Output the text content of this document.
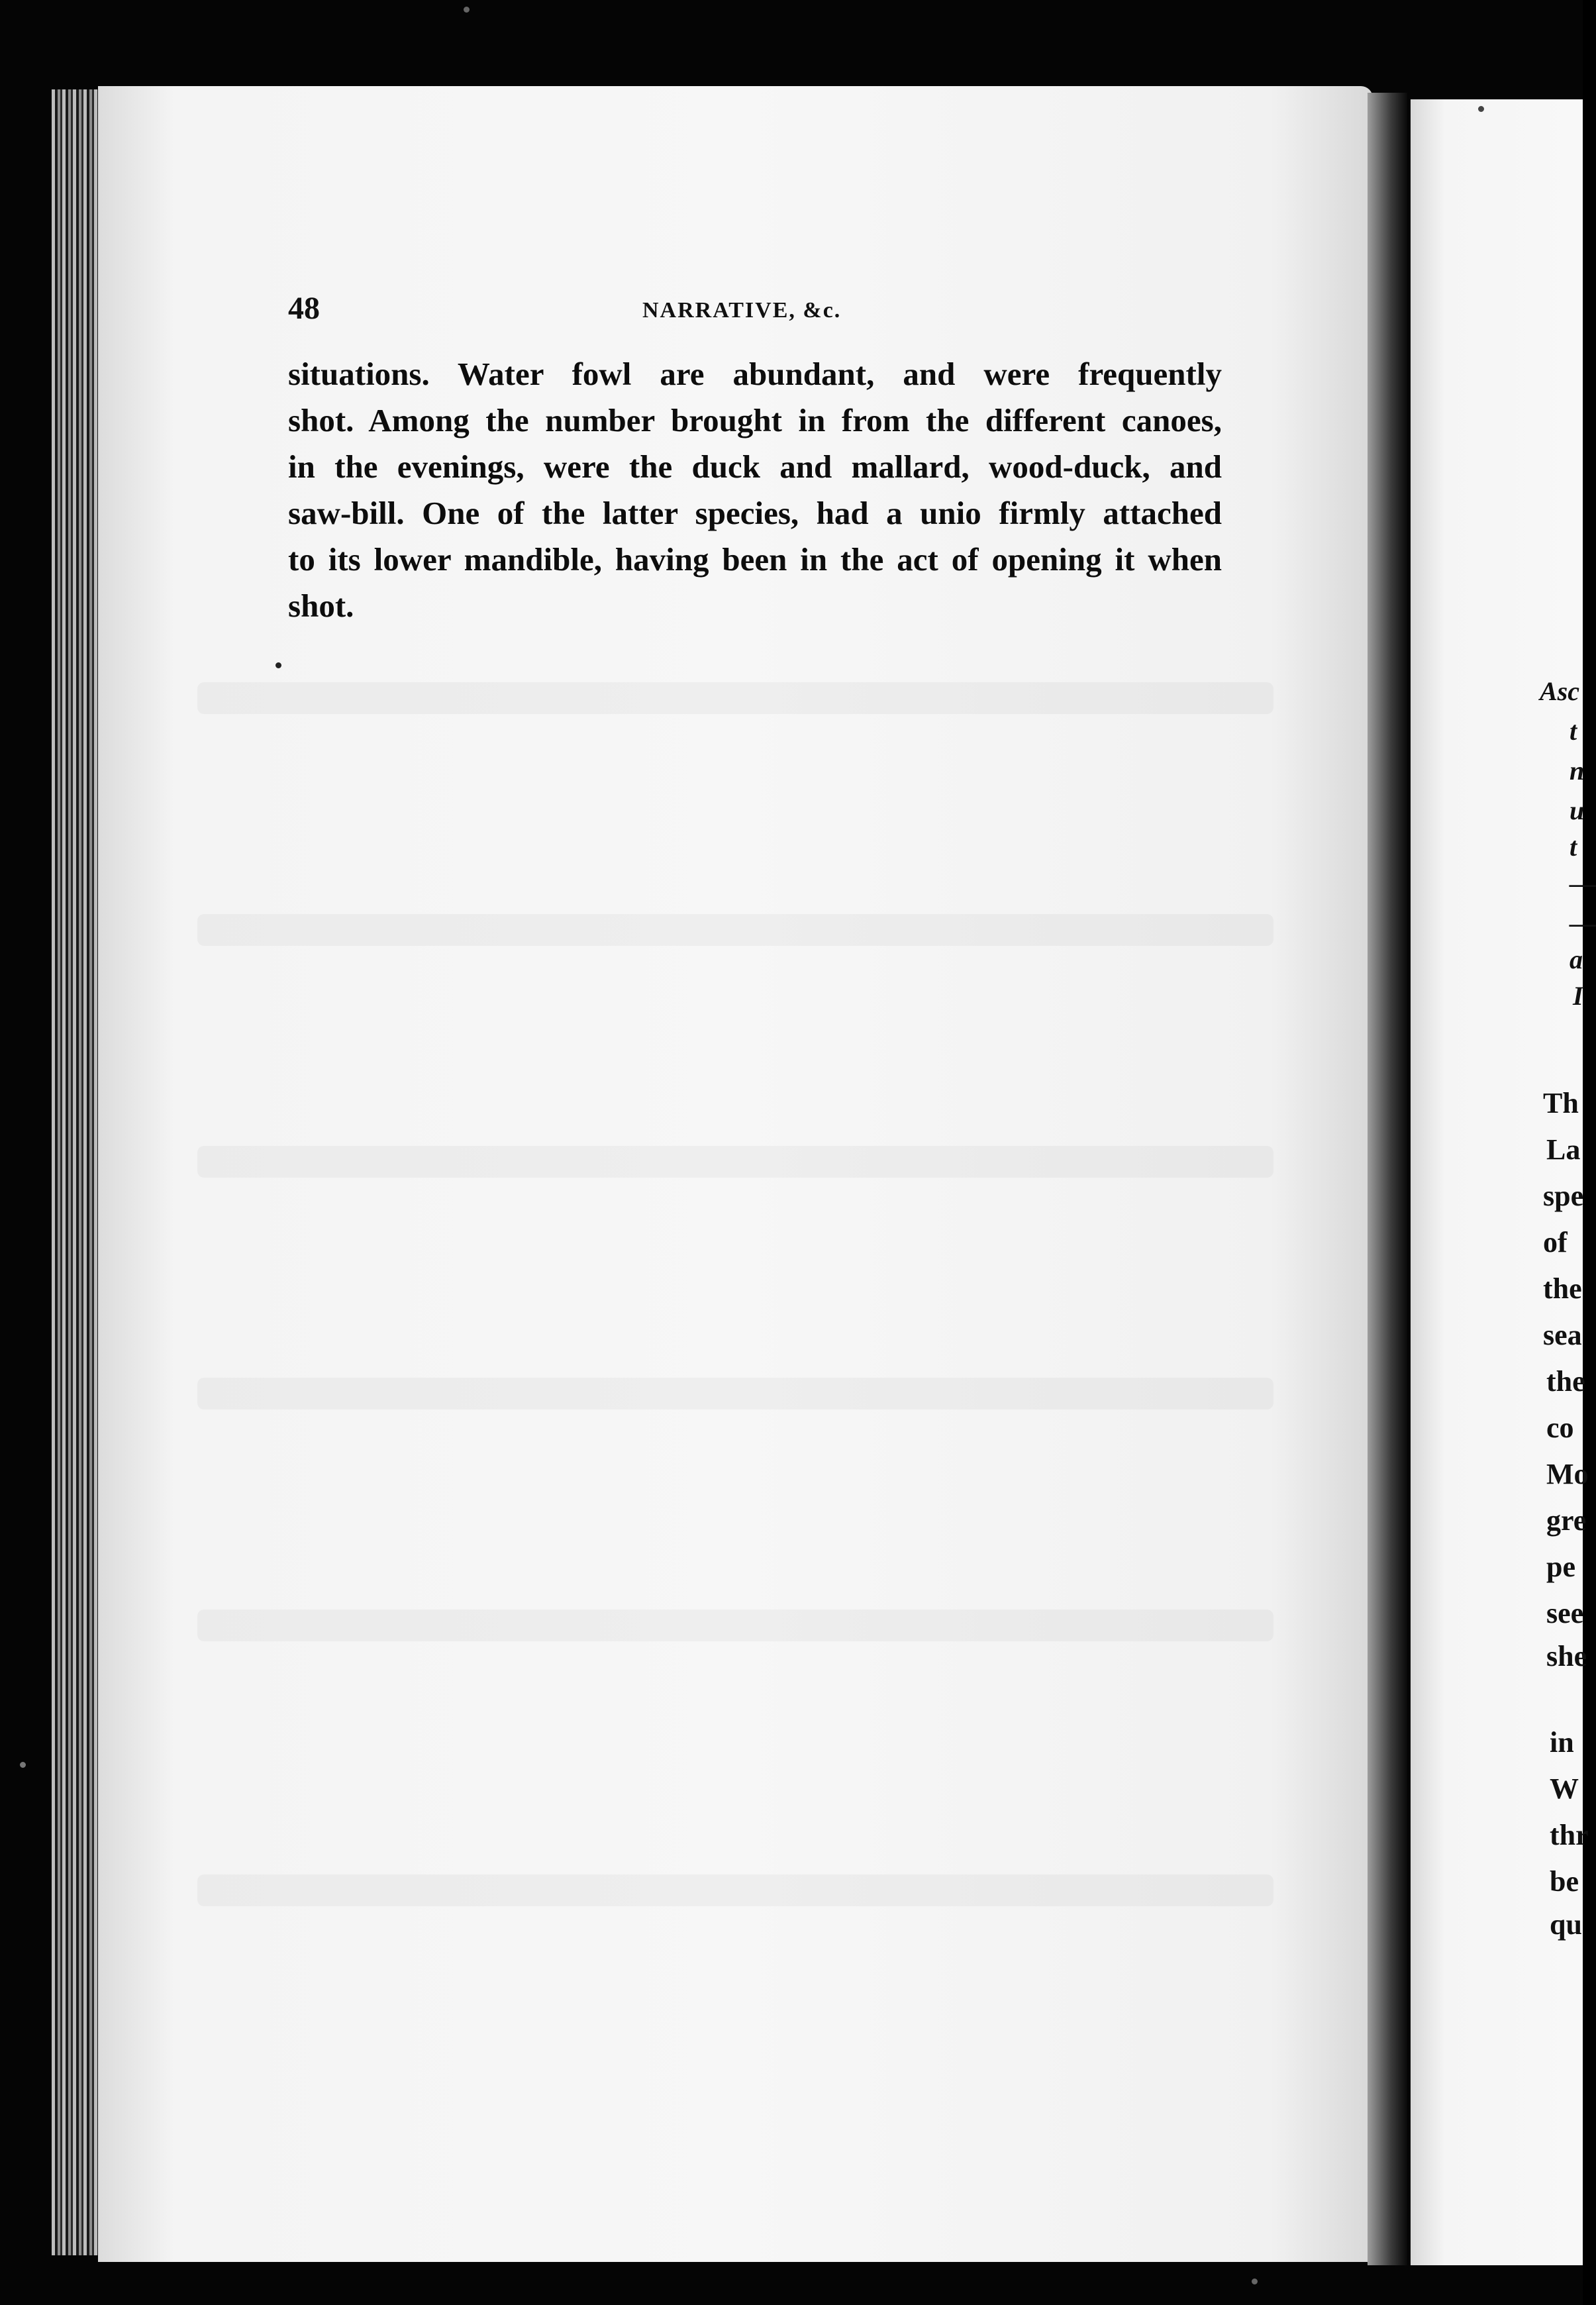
48	NARRATIVE, &c.
situations. Water fowl are abundant, and were frequently
shot. Among the number brought in from the different canoes,
in the evenings, were the duck and mallard, wood-duck, and
saw-bill. One of the latter species, had a unio firmly attached
to its lower mandible, having been in the act of opening it when
shot.
Asc
t
n
u
t
—
—
a
I
Th
La
spe
of
the
sea
the
co
Mo
gre
pe
see
she
in
W
thr
be
qu
